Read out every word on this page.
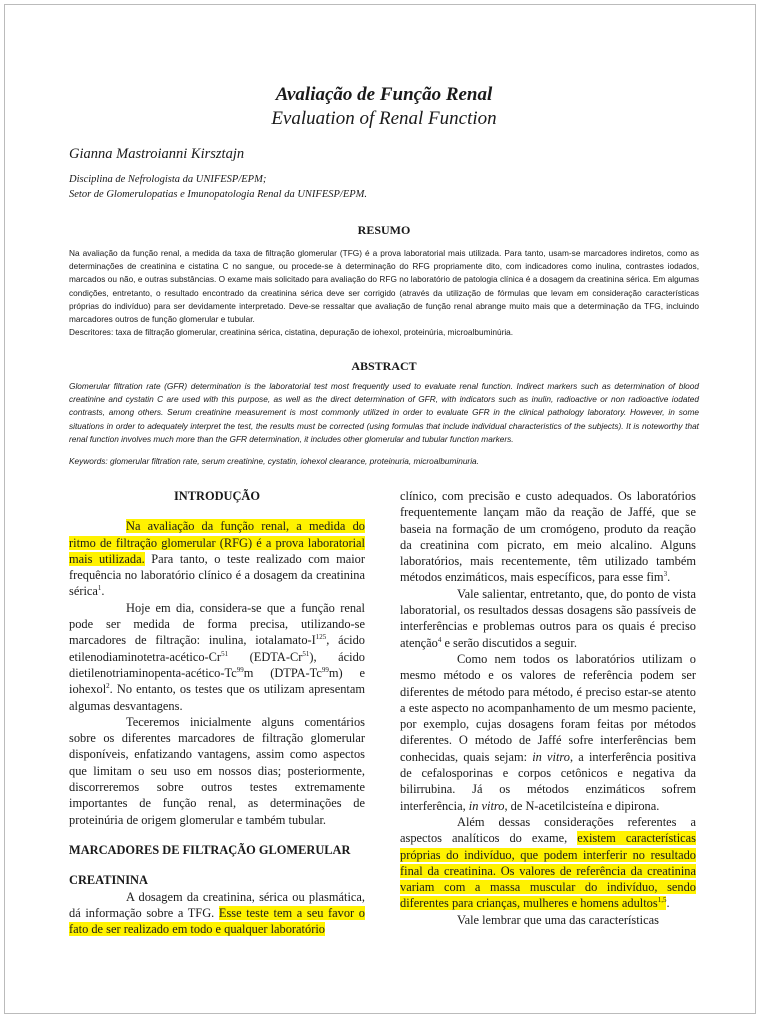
Avaliação de Função Renal
Evaluation of Renal Function
Gianna Mastroianni Kirsztajn
Disciplina de Nefrologista da UNIFESP/EPM;
Setor de Glomerulopatias e Imunopatologia Renal da UNIFESP/EPM.
RESUMO
Na avaliação da função renal, a medida da taxa de filtração glomerular (TFG) é a prova laboratorial mais utilizada. Para tanto, usam-se marcadores indiretos, como as determinações de creatinina e cistatina C no sangue, ou procede-se à determinação do RFG propriamente dito, com indicadores como inulina, contrastes iodados, marcados ou não, e outras substâncias. O exame mais solicitado para avaliação do RFG no laboratório de patologia clínica é a dosagem da creatinina sérica. Em algumas condições, entretanto, o resultado encontrado da creatinina sérica deve ser corrigido (através da utilização de fórmulas que levam em consideração características próprias do indivíduo) para ser devidamente interpretado. Deve-se ressaltar que avaliação de função renal abrange muito mais que a determinação da TFG, incluindo marcadores outros de função glomerular e tubular.
Descritores: taxa de filtração glomerular, creatinina sérica, cistatina, depuração de iohexol, proteinúria, microalbuminúria.
ABSTRACT
Glomerular filtration rate (GFR) determination is the laboratorial test most frequently used to evaluate renal function. Indirect markers such as determination of blood creatinine and cystatin C are used with this purpose, as well as the direct determination of GFR, with indicators such as inulin, radioactive or non radioactive iodated contrasts, among others. Serum creatinine measurement is most commonly utilized in order to evaluate GFR in the clinical pathology laboratory. However, in some situations in order to adequately interpret the test, the results must be corrected (using formulas that include individual characteristics of the subjects). It is noteworthy that renal function involves much more than the GFR determination, it includes other glomerular and tubular function markers.
Keywords: glomerular filtration rate, serum creatinine, cystatin, iohexol clearance, proteinuria, microalbuminuria.

INTRODUÇÃO

Na avaliação da função renal, a medida do ritmo de filtração glomerular (RFG) é a prova laboratorial mais utilizada. Para tanto, o teste realizado com maior frequência no laboratório clínico é a dosagem da creatinina sérica$^1$.

Hoje em dia, considera-se que a função renal pode ser medida de forma precisa, utilizando-se marcadores de filtração: inulina, iotalamato-$I^{125}$, ácido etilenodiaminotetra-acético-Cr$^{51}$ (EDTA-Cr$^{51}$), ácido dietilenotriaminopenta-acético-Tc$^{99}$m (DTPA-Tc$^{99}$m) e iohexol$^2$. No entanto, os testes que os utilizam apresentam algumas desvantagens.

Teceremos inicialmente alguns comentários sobre os diferentes marcadores de filtração glomerular disponíveis, enfatizando vantagens, assim como aspectos que limitam o seu uso em nossos dias; posteriormente, discorreremos sobre outros testes extremamente importantes de função renal, as determinações de proteinúria de origem glomerular e também tubular.

MARCADORES DE FILTRAÇÃO GLOMERULAR

CREATININA

A dosagem da creatinina, sérica ou plasmática, dá informação sobre a TFG. Esse teste tem a seu favor o fato de ser realizado em todo e qualquer laboratório

clínico, com precisão e custo adequados. Os laboratórios frequentemente lançam mão da reação de Jaffé, que se baseia na formação de um cromógeno, produto da reação da creatinina com picrato, em meio alcalino. Alguns laboratórios, mais recentemente, têm utilizado também métodos enzimáticos, mais específicos, para esse fim$^3$.

Vale salientar, entretanto, que, do ponto de vista laboratorial, os resultados dessas dosagens são passíveis de interferências e problemas outros para os quais é preciso atenção$^4$ e serão discutidos a seguir.

Como nem todos os laboratórios utilizam o mesmo método e os valores de referência podem ser diferentes de método para método, é preciso estar-se atento a este aspecto no acompanhamento de um mesmo paciente, por exemplo, cujas dosagens foram feitas por métodos diferentes. O método de Jaffé sofre interferências bem conhecidas, quais sejam: in vitro, a interferência positiva de cefalosporinas e corpos cetônicos e negativa da bilirrubina. Já os métodos enzimáticos sofrem interferência, in vitro, de N-acetilcisteína e dipirona.

Além dessas considerações referentes a aspectos analíticos do exame, existem características próprias do indivíduo, que podem interferir no resultado final da creatinina. Os valores de referência da creatinina variam com a massa muscular do indivíduo, sendo diferentes para crianças, mulheres e homens adultos$^{1,5}$.

Vale lembrar que uma das características
